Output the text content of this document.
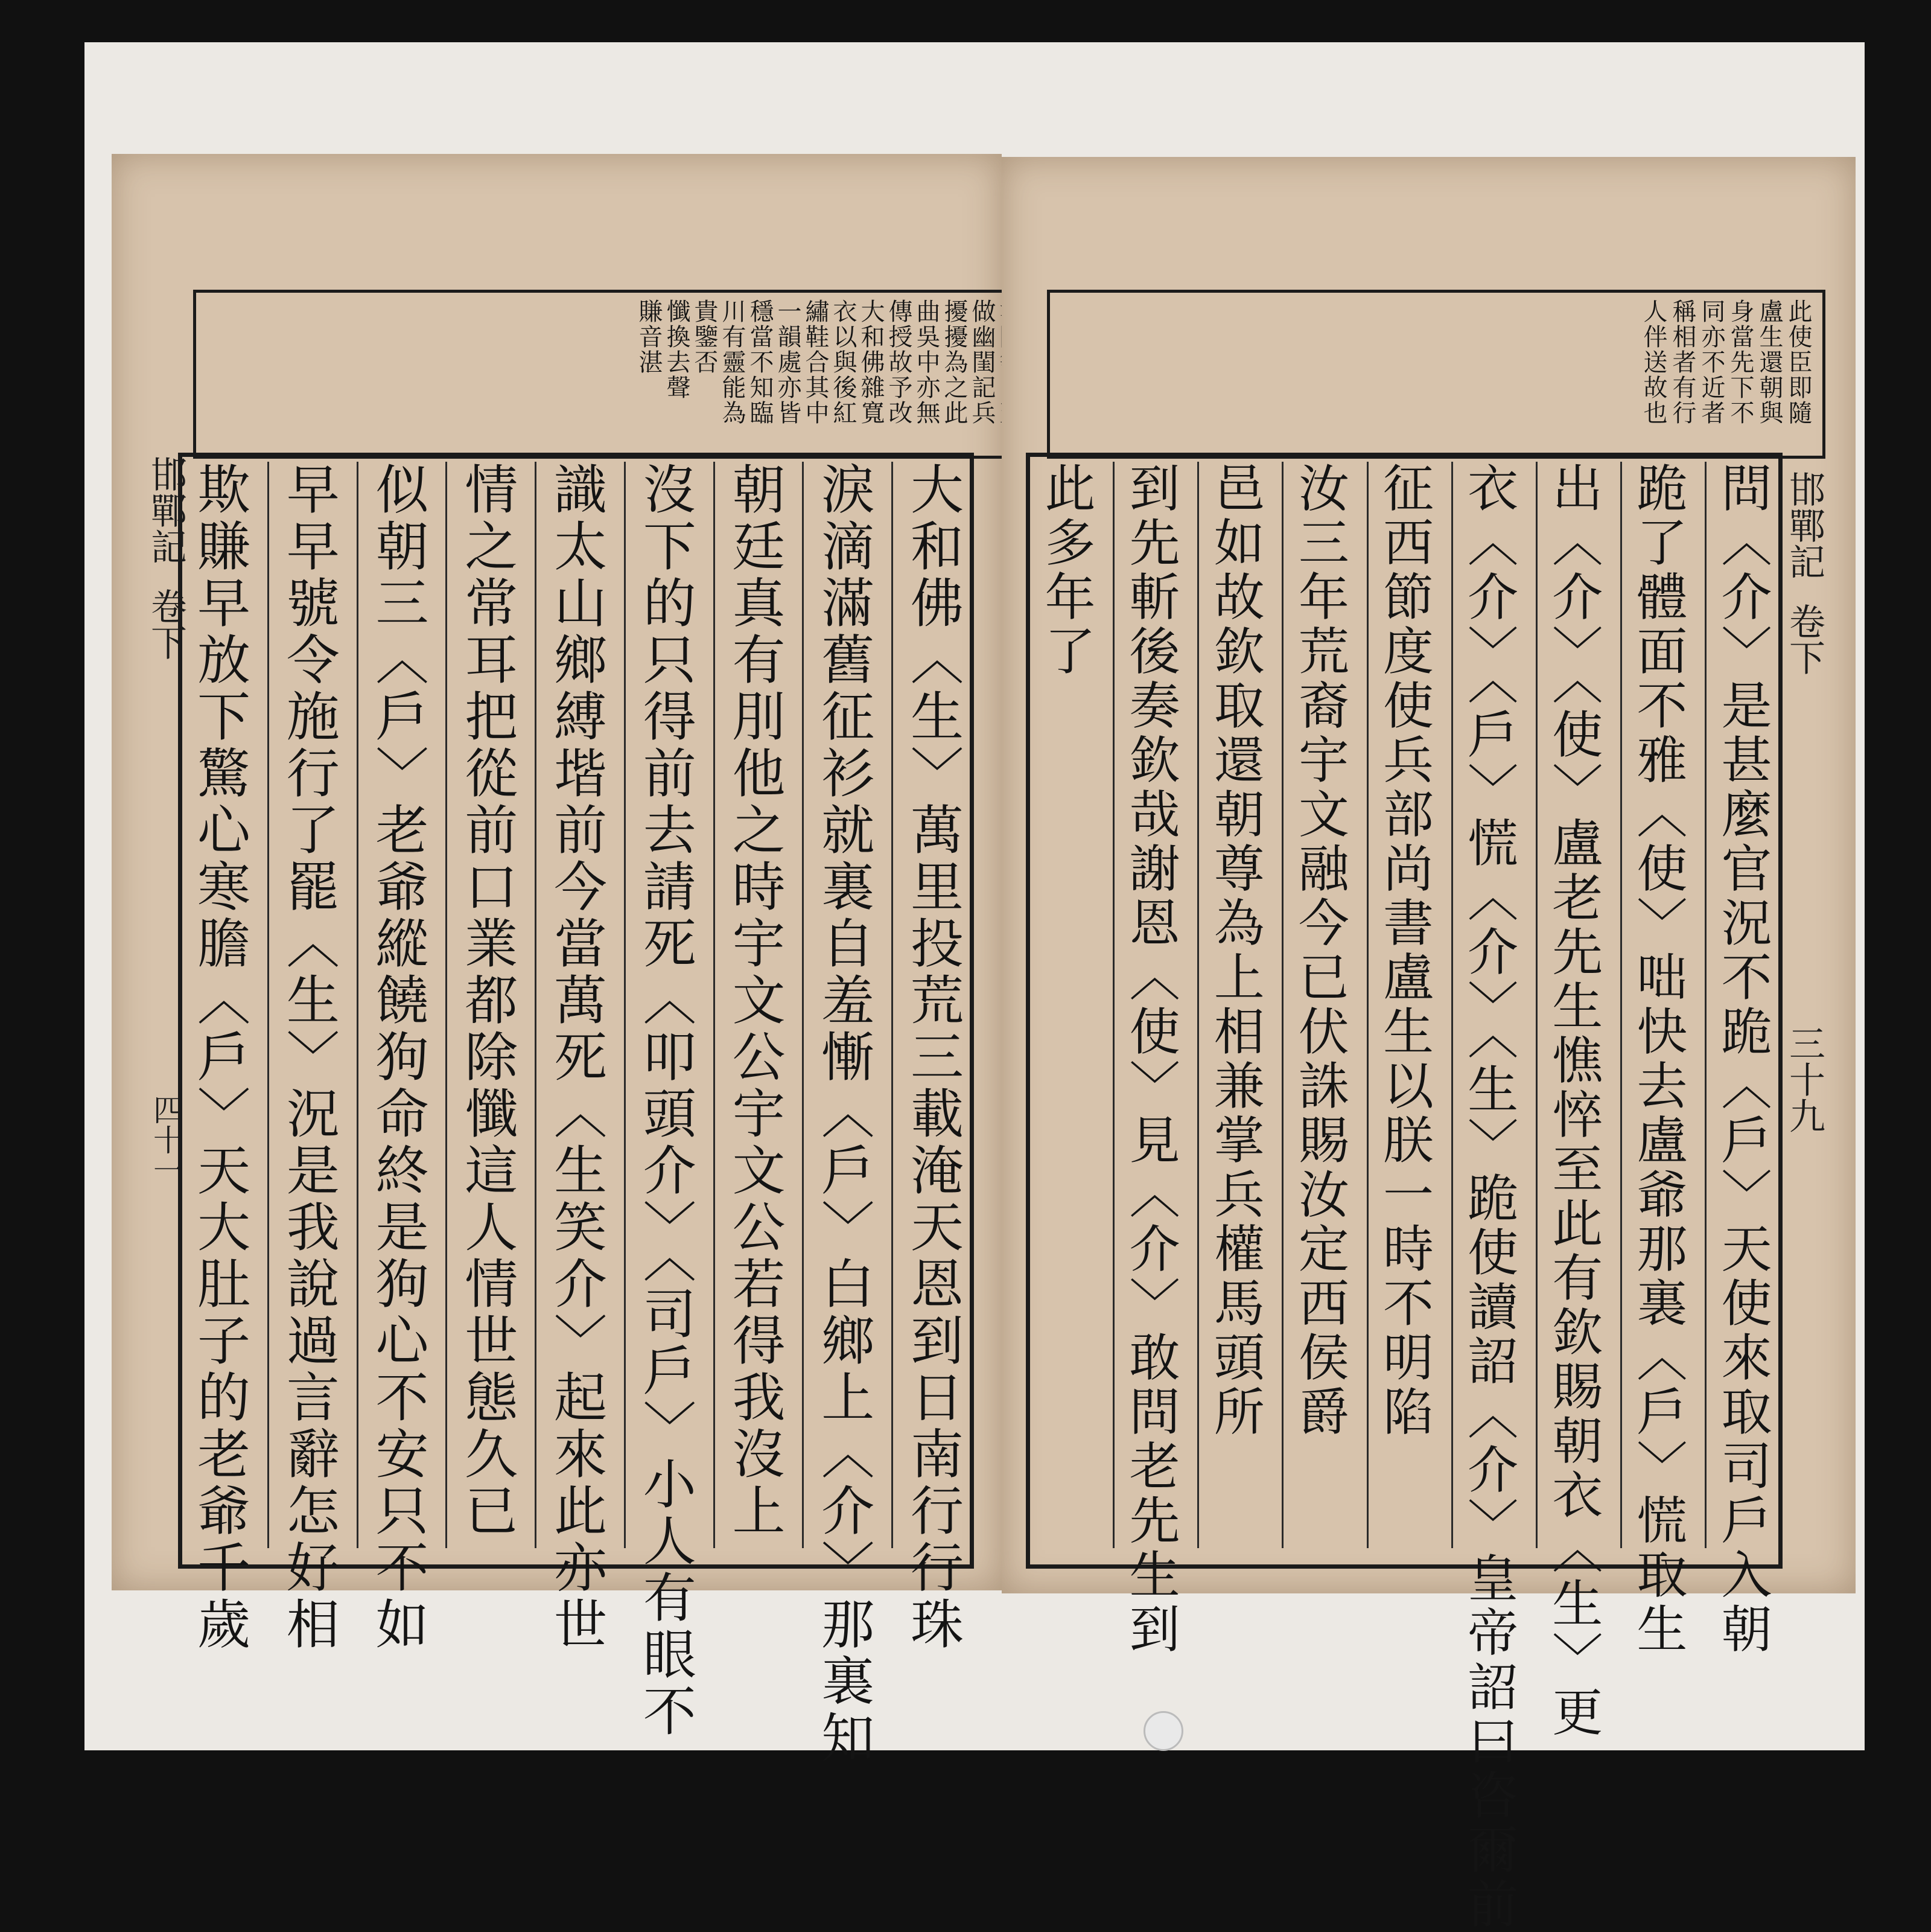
邯鄲記 卷下 四十一
做幽閨記兵
擾擾為之此
曲吳中亦無
傳授故予改
大和佛雜寬
衣以與後紅
繡鞋合其中
一韻處亦皆
穩當不知臨
川有靈能為
貴鑒否
懺換去聲
賺音湛
大和佛〈生〉萬里投荒三載淹天恩到日南行行珠
淚滴滿舊征衫就裏自羞慚〈戶〉白鄉上〈介〉那裏知
朝廷真有刖他之時宇文公宇文公若得我沒上
沒下的只得前去請死〈叩頭介〉〈司戶〉小人有眼不
識太山鄉縛堦前今當萬死〈生笑介〉起來此亦世
情之常耳把從前口業都除懺這人情世態久已
似朝三〈戶〉老爺縱饒狗命終是狗心不安只不如
早早號令施行了罷〈生〉況是我說過言辭怎好相
欺賺早放下驚心寒膽〈戶〉天大肚子的老爺千歲
此使臣即隨
盧生還朝與
身當先下不
同亦不近者
稱相者有行
人伴送故也
問〈介〉是甚麼官況不跪〈戶〉天使來取司戶入朝
跪了體面不雅〈使〉咄快去盧爺那裏〈戶〉慌取生
出〈介〉〈使〉盧老先生憔悴至此有欽賜朝衣〈生〉更
衣〈介〉〈戶〉慌〈介〉〈生〉跪使讀詔〈介〉皇帝詔曰咨爾前
征西節度使兵部尚書盧生以朕一時不明陷
汝三年荒裔宇文融今已伏誅賜汝定西侯爵
邑如故欽取還朝尊為上相兼掌兵權馬頭所
到先斬後奏欽哉謝恩〈使〉見〈介〉敢問老先生到
此多年了	邯鄲記 卷下 三十九
